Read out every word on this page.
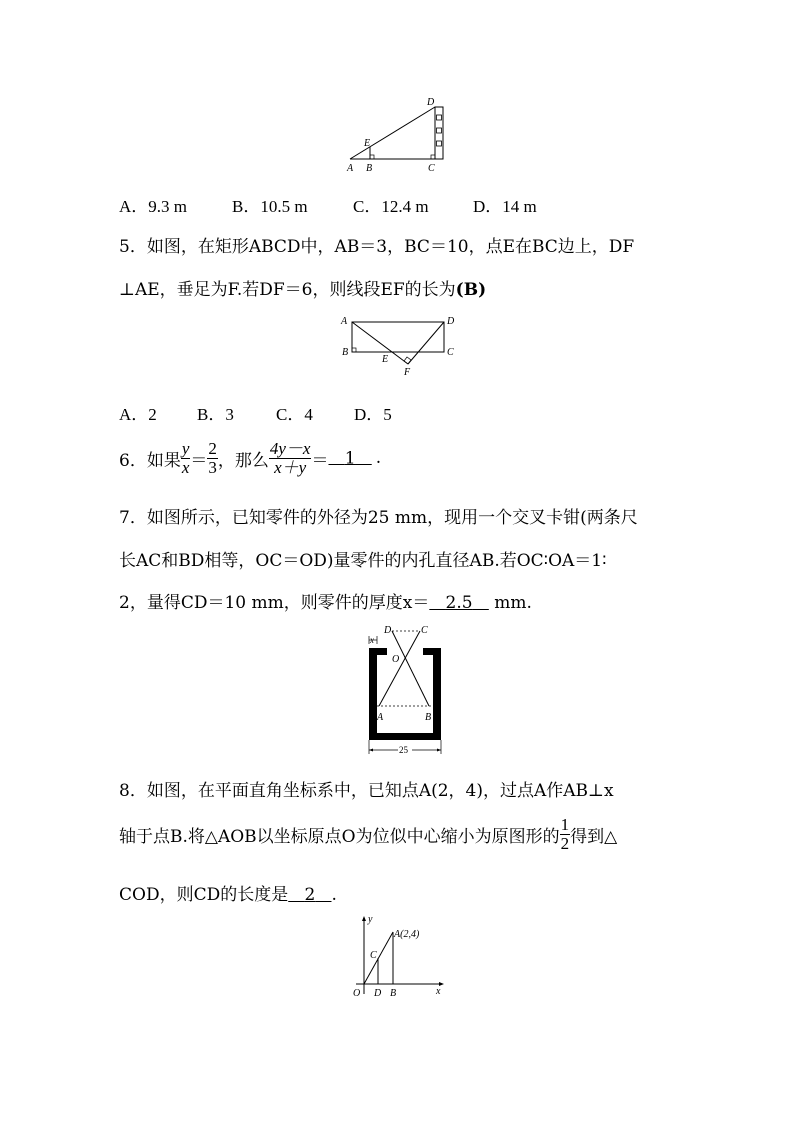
D
E
A B	C
A．9.3 m	B．10.5 m	C．12.4 m	D．14 m
5．如图，在矩形ABCD中，AB＝3，BC＝10，点E在BC边上，DF
⊥AE，垂足为F.若DF＝6，则线段EF的长为(B)
A	D
B	C
E
F
A．2 B．3 C．4 D．5
6．如果 $\frac{y}{x} = \frac{2}{3}$ ，那么 $\frac{4y-x}{x+y} = 1$ .
7．如图所示，已知零件的外径为25 mm，现用一个交叉卡钳(两条尺
长AC和BD相等，OC＝OD)量零件的内孔直径AB.若OC∶OA＝1∶
2，量得CD＝10 mm，则零件的厚度x＝ 2.5 mm.
25
D	C
x
O
A	B
8．如图，在平面直角坐标系中，已知点A(2，4)，过点A作AB⊥x
轴于点B.将△AOB以坐标原点O为位似中心缩小为原图形的 $\frac{1}{2}$ 得到△
COD，则CD的长度是 2 .
y
A(2,4)
C
O D B	x
